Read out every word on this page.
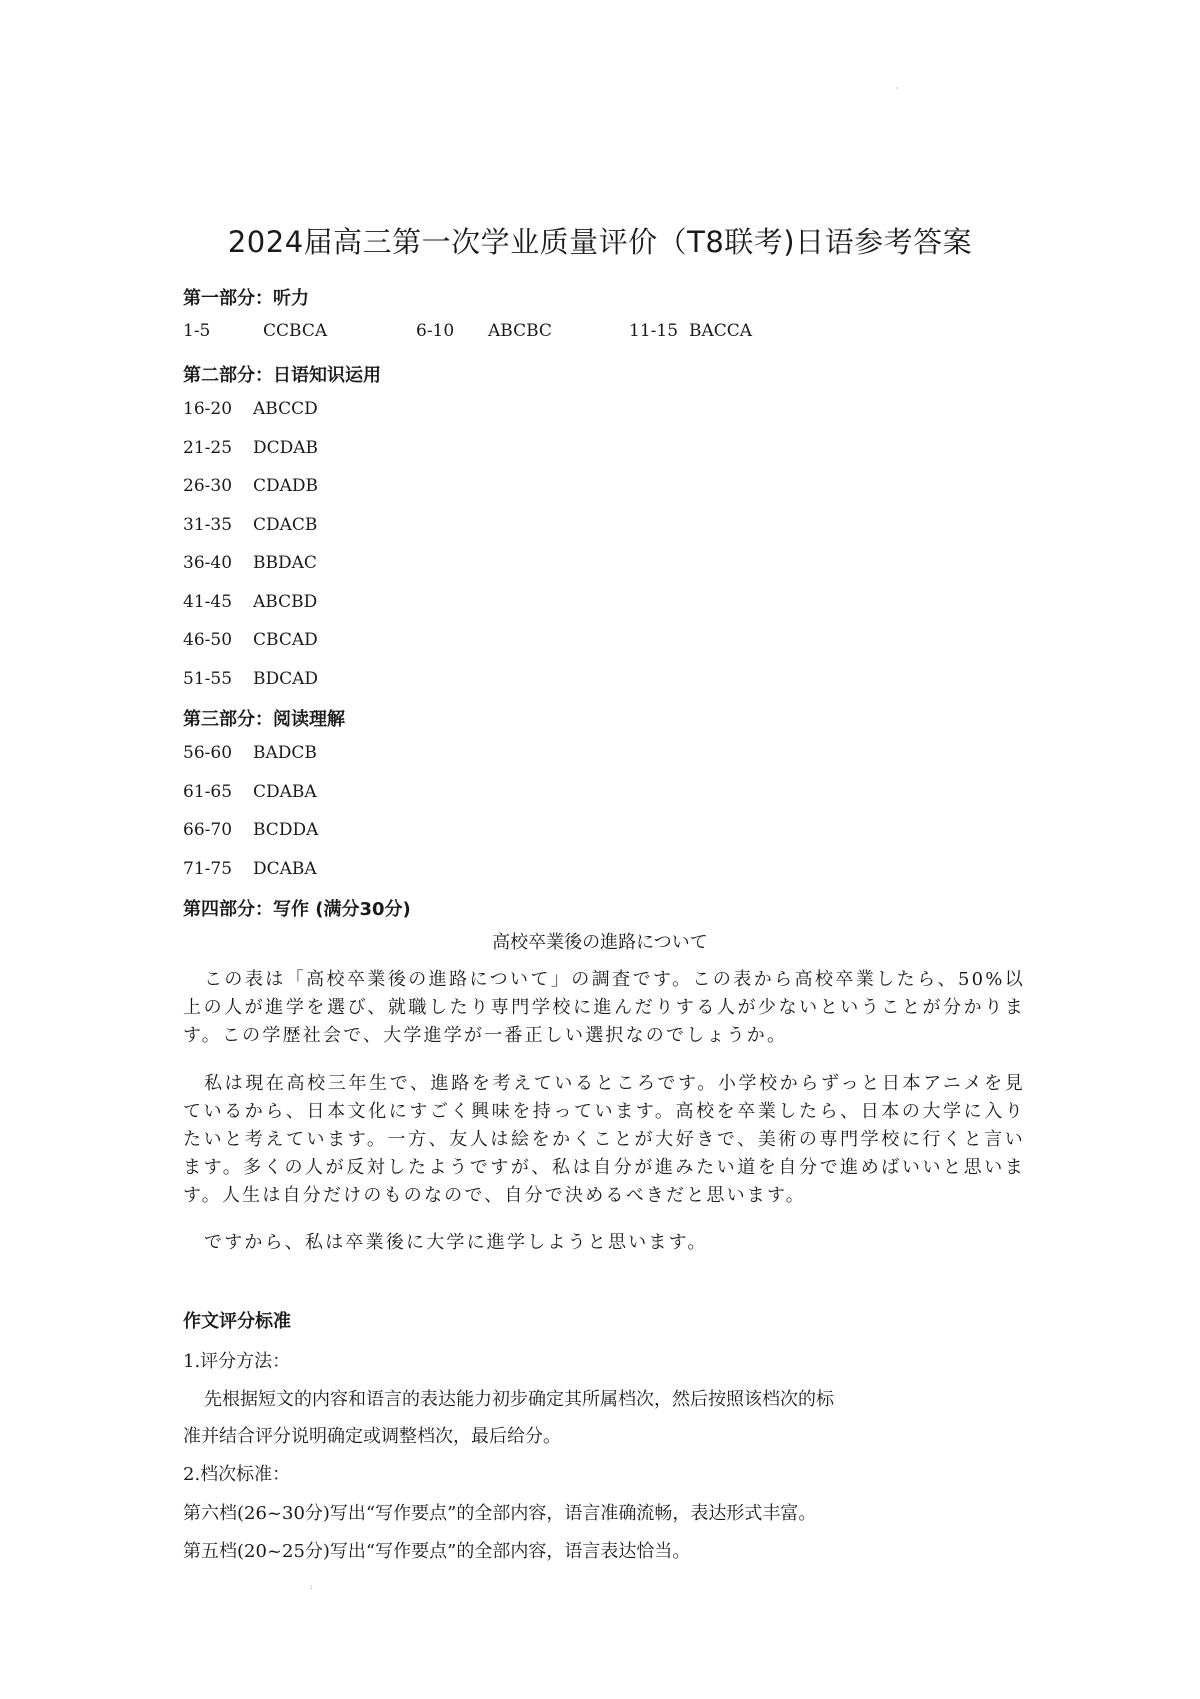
'
2024届高三第一次学业质量评价（T8联考)日语参考答案
第一部分：听力
1-5	CCBCA	6-10 ABCBC	11-15 BACCA
第二部分：日语知识运用
16-20 ABCCD
21-25 DCDAB
26-30 CDADB
31-35 CDACB
36-40 BBDAC
41-45 ABCBD
46-50 CBCAD
51-55 BDCAD
第三部分：阅读理解
56-60 BADCB
61-65 CDABA
66-70 BCDDA
71-75 DCABA
第四部分：写作 (满分30分)
高校卒業後の進路について

この表は「高校卒業後の進路について」の調査です。この表から高校卒業したら、50%以上の人が進学を選び、就職したり専門学校に進んだりする人が少ないということが分かります。この学歴社会で、大学進学が一番正しい選択なのでしょうか。

私は現在高校三年生で、進路を考えているところです。小学校からずっと日本アニメを見ているから、日本文化にすごく興味を持っています。高校を卒業したら、日本の大学に入りたいと考えています。一方、友人は絵をかくことが大好きで、美術の専門学校に行くと言います。多くの人が反対したようですが、私は自分が進みたい道を自分で進めばいいと思います。人生は自分だけのものなので、自分で決めるべきだと思います。

ですから、私は卒業後に大学に進学しようと思います。

作文评分标准
1.评分方法：
先根据短文的内容和语言的表达能力初步确定其所属档次，然后按照该档次的标
准并结合评分说明确定或调整档次，最后给分。
2.档次标准：
第六档(26~30分)写出“写作要点”的全部内容，语言准确流畅，表达形式丰富。
第五档(20~25分)写出“写作要点”的全部内容，语言表达恰当。
:
